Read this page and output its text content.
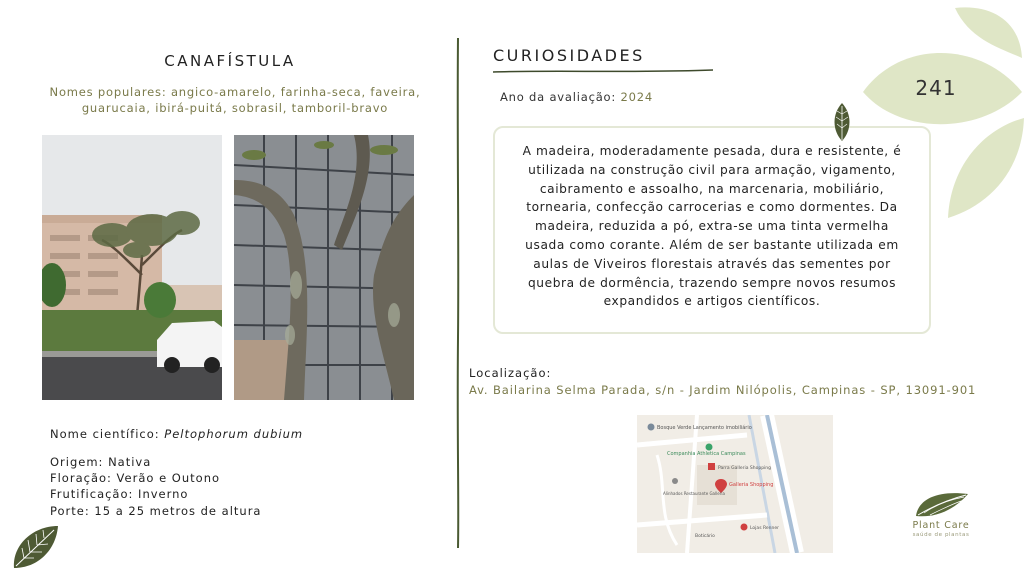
241
CANAFÍSTULA
Nomes populares: angico-amarelo, farinha-seca, faveira,
guarucaia, ibirá-puitá, sobrasil, tamboril-bravo
Nome científico: Peltophorum dubium
Origem: Nativa
Floração: Verão e Outono
Frutificação: Inverno
Porte: 15 a 25 metros de altura
CURIOSIDADES
Ano da avaliação: 2024
A madeira, moderadamente pesada, dura e resistente, é utilizada na construção civil para armação, vigamento, caibramento e assoalho, na marcenaria, mobiliário, tornearia, confecção carrocerias e como dormentes. Da madeira, reduzida a pó, extra-se uma tinta vermelha usada como corante. Além de ser bastante utilizada em aulas de Viveiros florestais através das sementes por quebra de dormência, trazendo sempre novos resumos expandidos e artigos científicos.
Localização:
Av. Bailarina Selma Parada, s/n - Jardim Nilópolis, Campinas - SP, 13091-901
Bosque Verde Lançamento imobiliário
Companhia Athletica Campinas
Parra Galleria Shopping
Galleria Shopping
Alinhados Restaurante Galleria
Lojas Renner
Boticário
Plant Care
saúde de plantas
